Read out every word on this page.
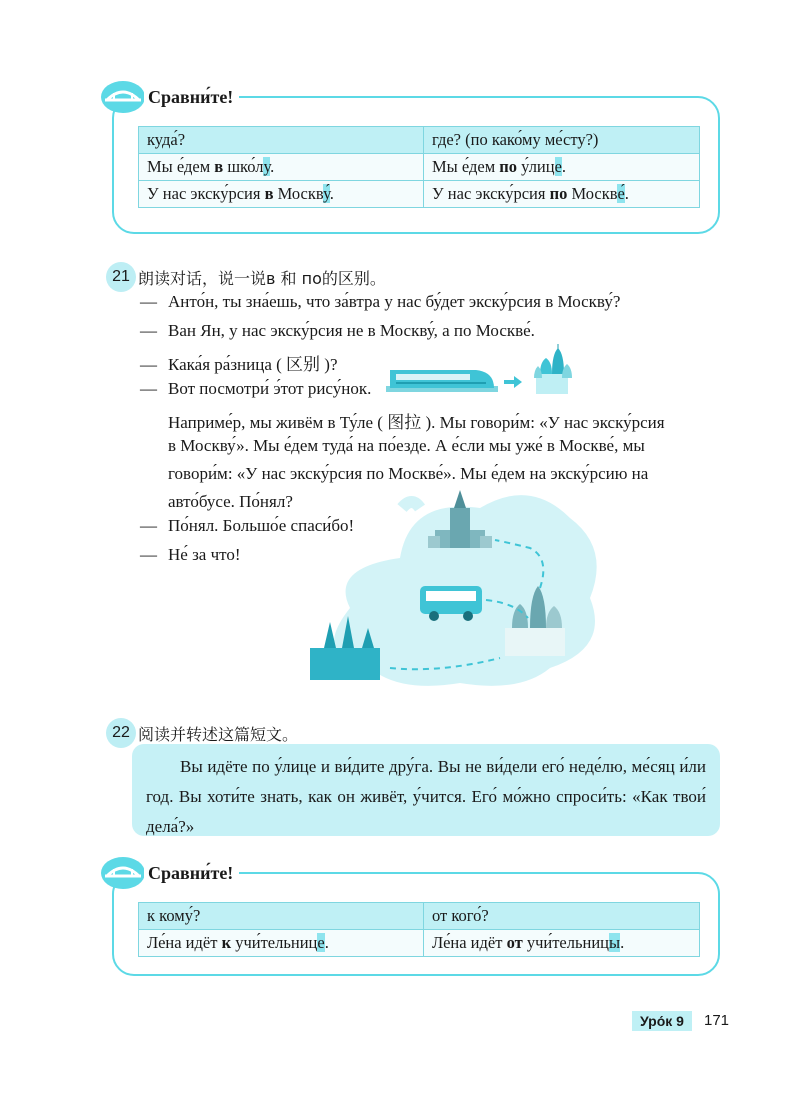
Сравни́те!
куда́?	где? (по како́му ме́сту?)
Мы е́дем в шко́лу.	Мы е́дем по у́лице.
У нас экску́рсия в Москву́.	У нас экску́рсия по Москве́.
21 朗读对话，说一说в 和 по的区别。
— Анто́н, ты зна́ешь, что за́втра у нас бу́дет экску́рсия в Москву́?
— Ван Ян, у нас экску́рсия не в Москву́, а по Москве́.
— Кака́я ра́зница ( 区别 )?
— Вот посмотри́ э́тот рису́нок.
Наприме́р, мы живём в Ту́ле ( 图拉 ). Мы говори́м: «У нас экску́рсия
в Москву́». Мы е́дем туда́ на по́езде. А е́сли мы уже́ в Москве́, мы
говори́м: «У нас экску́рсия по Москве́». Мы е́дем на экску́рсию на
авто́бусе. По́нял?
— По́нял. Большо́е спаси́бо!
— Не́ за что!
22 阅读并转述这篇短文。

Вы идёте по у́лице и ви́дите дру́га. Вы не ви́дели его́ неде́лю, ме́сяц и́ли год. Вы хоти́те знать, как он живёт, у́чится. Его́ мо́жно спроси́ть: «Как твои́ дела́?»

Сравни́те!
к кому́?	от кого́?
Ле́на идёт к учи́тельнице.	Ле́на идёт от учи́тельницы.
Уро́к 9	171
